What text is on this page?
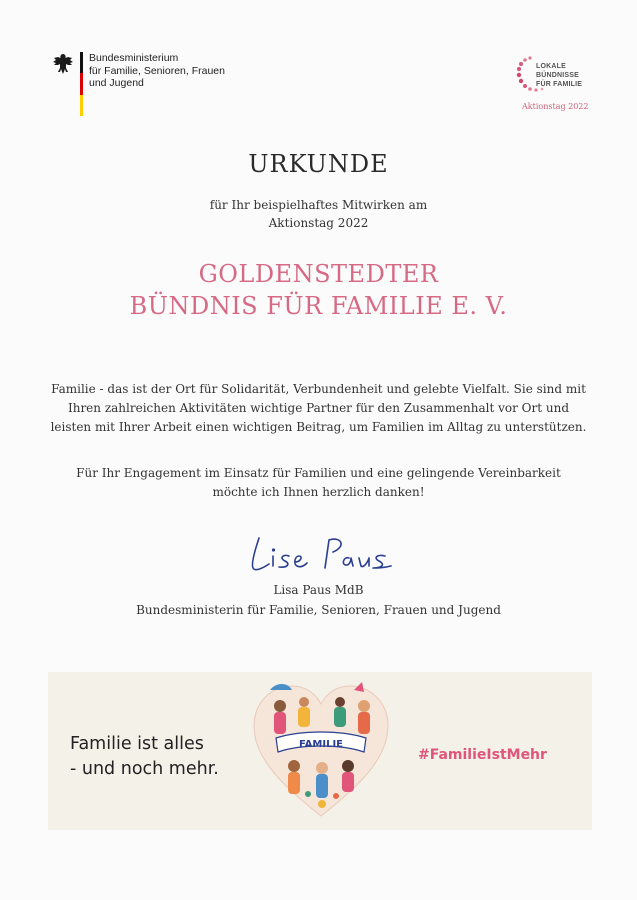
Bundesministerium
für Familie, Senioren, Frauen
und Jugend
LOKALE
BÜNDNISSE
FÜR FAMILIE
Aktionstag 2022
URKUNDE
für Ihr beispielhaftes Mitwirken am
Aktionstag 2022
GOLDENSTEDTER
BÜNDNIS FÜR FAMILIE E. V.
Familie - das ist der Ort für Solidarität, Verbundenheit und gelebte Vielfalt. Sie sind mit
Ihren zahlreichen Aktivitäten wichtige Partner für den Zusammenhalt vor Ort und
leisten mit Ihrer Arbeit einen wichtigen Beitrag, um Familien im Alltag zu unterstützen.
Für Ihr Engagement im Einsatz für Familien und eine gelingende Vereinbarkeit
möchte ich Ihnen herzlich danken!
Lisa Paus MdB
Bundesministerin für Familie, Senioren, Frauen und Jugend
Familie ist alles
- und noch mehr.
FAMILIE
#FamilieIstMehr
